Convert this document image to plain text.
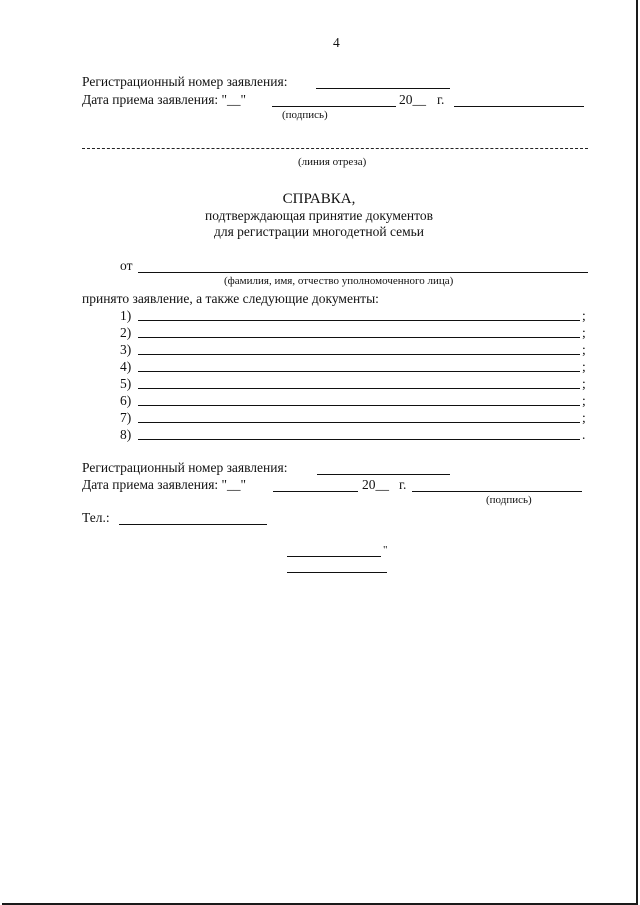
4
Регистрационный номер заявления:
Дата приема заявления: "__"	20__ г.
(подпись)
(линия отреза)
СПРАВКА,
подтверждающая принятие документов
для регистрации многодетной семьи
от
(фамилия, имя, отчество уполномоченного лица)
принято заявление, а также следующие документы:
1)	;
2)	;
3)	;
4)	;
5)	;
6)	;
7)	;
8)	.
Регистрационный номер заявления:
Дата приема заявления: "__"	20__ г.
(подпись)
Тел.:
"
